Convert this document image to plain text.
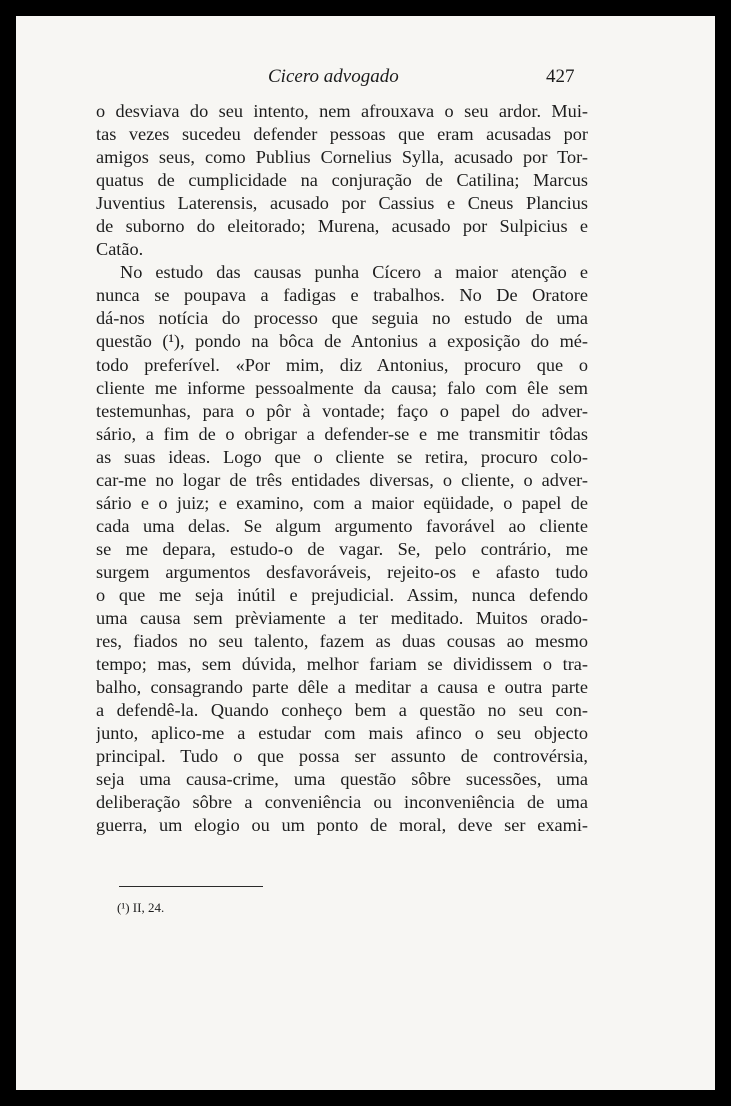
Cicero advogado	427
o desviava do seu intento, nem afrouxava o seu ardor. Mui-
tas vezes sucedeu defender pessoas que eram acusadas por
amigos seus, como Publius Cornelius Sylla, acusado por Tor-
quatus de cumplicidade na conjuração de Catilina; Marcus
Juventius Laterensis, acusado por Cassius e Cneus Plancius
de suborno do eleitorado; Murena, acusado por Sulpicius e
Catão.
No estudo das causas punha Cícero a maior atenção e
nunca se poupava a fadigas e trabalhos. No De Oratore
dá-nos notícia do processo que seguia no estudo de uma
questão (¹), pondo na bôca de Antonius a exposição do mé-
todo preferível. «Por mim, diz Antonius, procuro que o
cliente me informe pessoalmente da causa; falo com êle sem
testemunhas, para o pôr à vontade; faço o papel do adver-
sário, a fim de o obrigar a defender-se e me transmitir tôdas
as suas ideas. Logo que o cliente se retira, procuro colo-
car-me no logar de três entidades diversas, o cliente, o adver-
sário e o juiz; e examino, com a maior eqüidade, o papel de
cada uma delas. Se algum argumento favorável ao cliente
se me depara, estudo-o de vagar. Se, pelo contrário, me
surgem argumentos desfavoráveis, rejeito-os e afasto tudo
o que me seja inútil e prejudicial. Assim, nunca defendo
uma causa sem prèviamente a ter meditado. Muitos orado-
res, fiados no seu talento, fazem as duas cousas ao mesmo
tempo; mas, sem dúvida, melhor fariam se dividissem o tra-
balho, consagrando parte dêle a meditar a causa e outra parte
a defendê-la. Quando conheço bem a questão no seu con-
junto, aplico-me a estudar com mais afinco o seu objecto
principal. Tudo o que possa ser assunto de controvérsia,
seja uma causa-crime, uma questão sôbre sucessões, uma
deliberação sôbre a conveniência ou inconveniência de uma
guerra, um elogio ou um ponto de moral, deve ser exami-
(¹) II, 24.
